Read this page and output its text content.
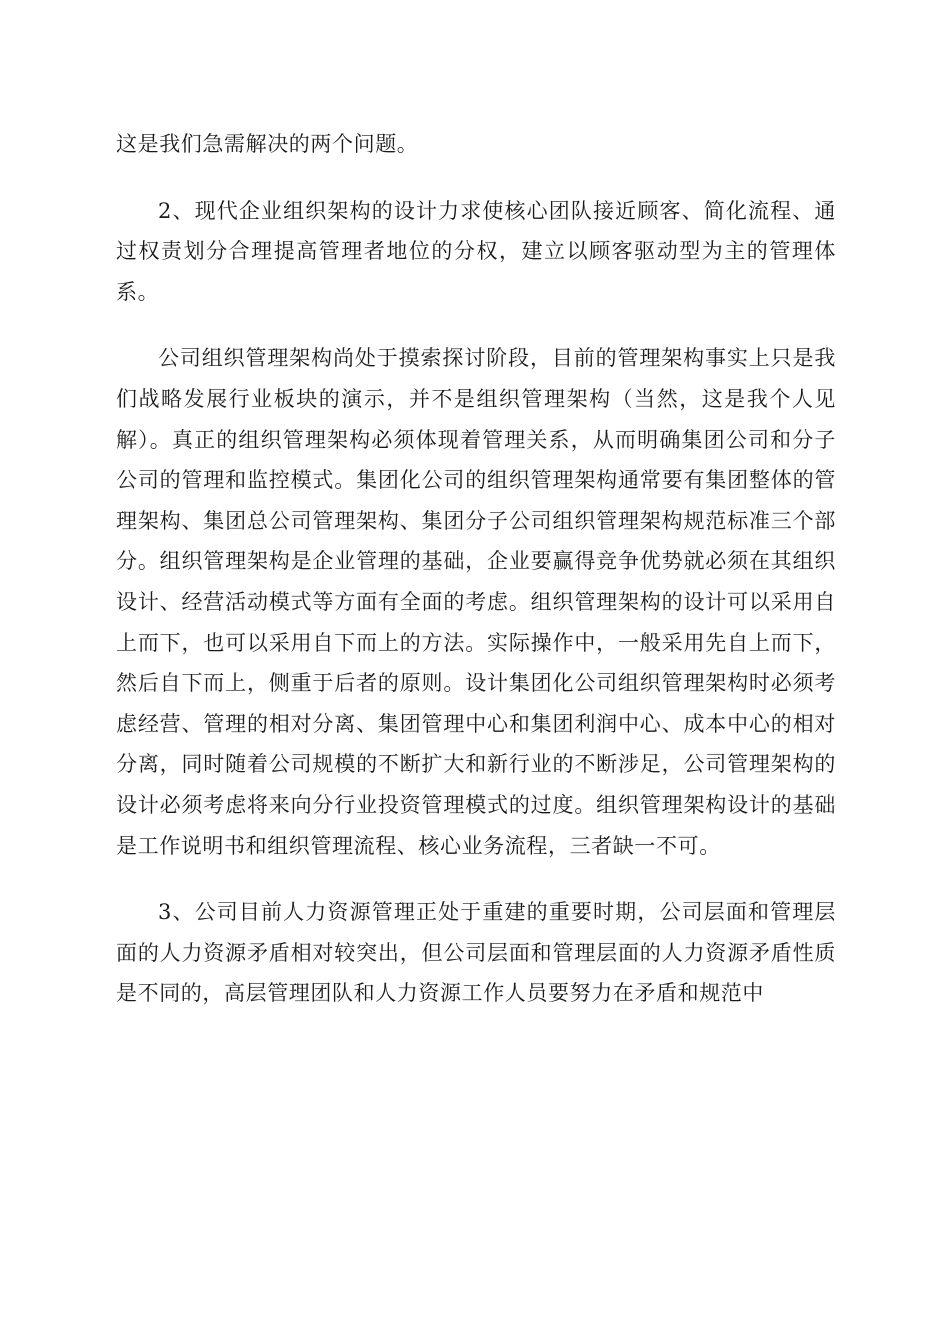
这是我们急需解决的两个问题。

2、现代企业组织架构的设计力求使核心团队接近顾客、简化流程、通过权责划分合理提高管理者地位的分权，建立以顾客驱动型为主的管理体系。

公司组织管理架构尚处于摸索探讨阶段，目前的管理架构事实上只是我们战略发展行业板块的演示，并不是组织管理架构（当然，这是我个人见解）。真正的组织管理架构必须体现着管理关系，从而明确集团公司和分子公司的管理和监控模式。集团化公司的组织管理架构通常要有集团整体的管理架构、集团总公司管理架构、集团分子公司组织管理架构规范标准三个部分。组织管理架构是企业管理的基础，企业要赢得竞争优势就必须在其组织设计、经营活动模式等方面有全面的考虑。组织管理架构的设计可以采用自上而下，也可以采用自下而上的方法。实际操作中，一般采用先自上而下，然后自下而上，侧重于后者的原则。设计集团化公司组织管理架构时必须考虑经营、管理的相对分离、集团管理中心和集团利润中心、成本中心的相对分离，同时随着公司规模的不断扩大和新行业的不断涉足，公司管理架构的设计必须考虑将来向分行业投资管理模式的过度。组织管理架构设计的基础是工作说明书和组织管理流程、核心业务流程，三者缺一不可。

3、公司目前人力资源管理正处于重建的重要时期，公司层面和管理层面的人力资源矛盾相对较突出，但公司层面和管理层面的人力资源矛盾性质是不同的，高层管理团队和人力资源工作人员要努力在矛盾和规范中
